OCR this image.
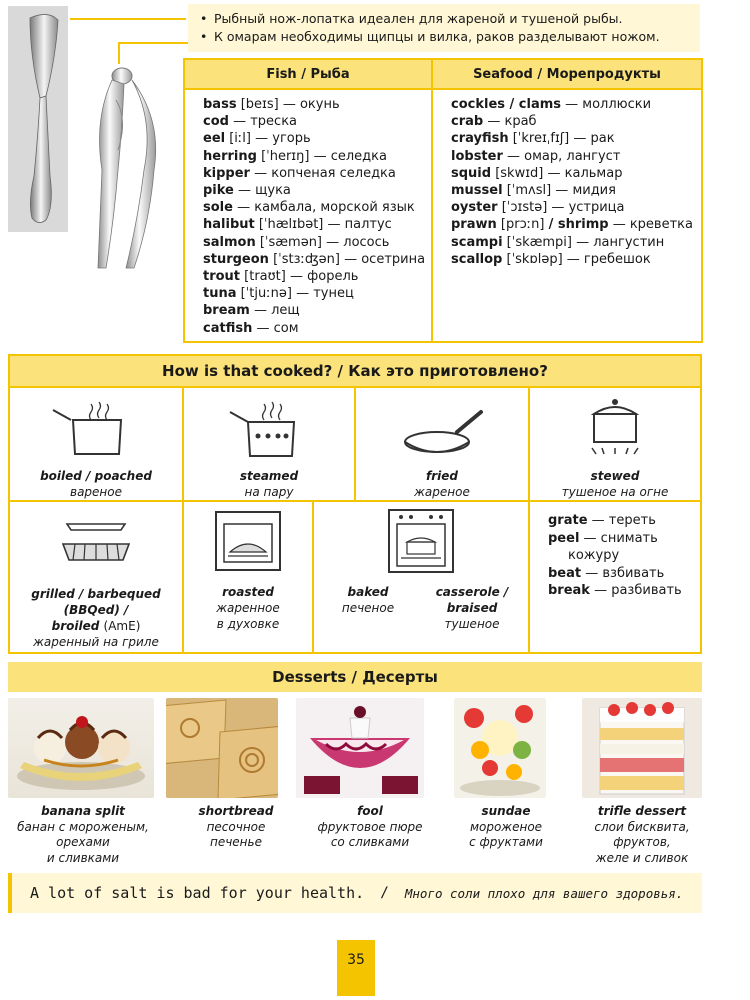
• Рыбный нож-лопатка идеален для жареной и тушеной рыбы.
• К омарам необходимы щипцы и вилка, раков разделывают ножом.
Fish / Рыба	Seafood / Морепродукты
bass [beɪs] — окунь
cod — треска
eel [iːl] — угорь
herring [ˈherɪŋ] — селедка
kipper — копченая селедка
pike — щука
sole — камбала, морской язык
halibut [ˈhælɪbət] — палтус
salmon [ˈsæmən] — лосось
sturgeon [ˈstɜːʤən] — осетрина
trout [traʊt] — форель
tuna [ˈtjuːnə] — тунец
bream — лещ
catfish — сом
cockles / clams — моллюски
crab — краб
crayfish [ˈkreɪˌfɪʃ] — рак
lobster — омар, лангуст
squid [skwɪd] — кальмар
mussel [ˈmʌsl] — мидия
oyster [ˈɔɪstə] — устрица
prawn [prɔːn] / shrimp — креветка
scampi [ˈskæmpi] — лангустин
scallop [ˈskɒləp] — гребешок
How is that cooked? / Как это приготовлено?
boiled / poached
вареное
steamed
на пару
fried
жареное
stewed
тушеное на огне
grilled / barbequed
(BBQed) /
broiled (AmE)
жаренный на гриле
roasted
жаренное
в духовке
baked
печеное
casserole /
braised
тушеное
grate — тереть
peel — снимать
кожуру
beat — взбивать
break — разбивать
Desserts / Десерты
banana split
банан с мороженым,
орехами
и сливками
shortbread
песочное
печенье
fool
фруктовое пюре
со сливками
sundae
мороженое
с фруктами
trifle dessert
слои бисквита,
фруктов,
желе и сливок
A lot of salt is bad for your health. / Много соли плохо для вашего здоровья.
35
